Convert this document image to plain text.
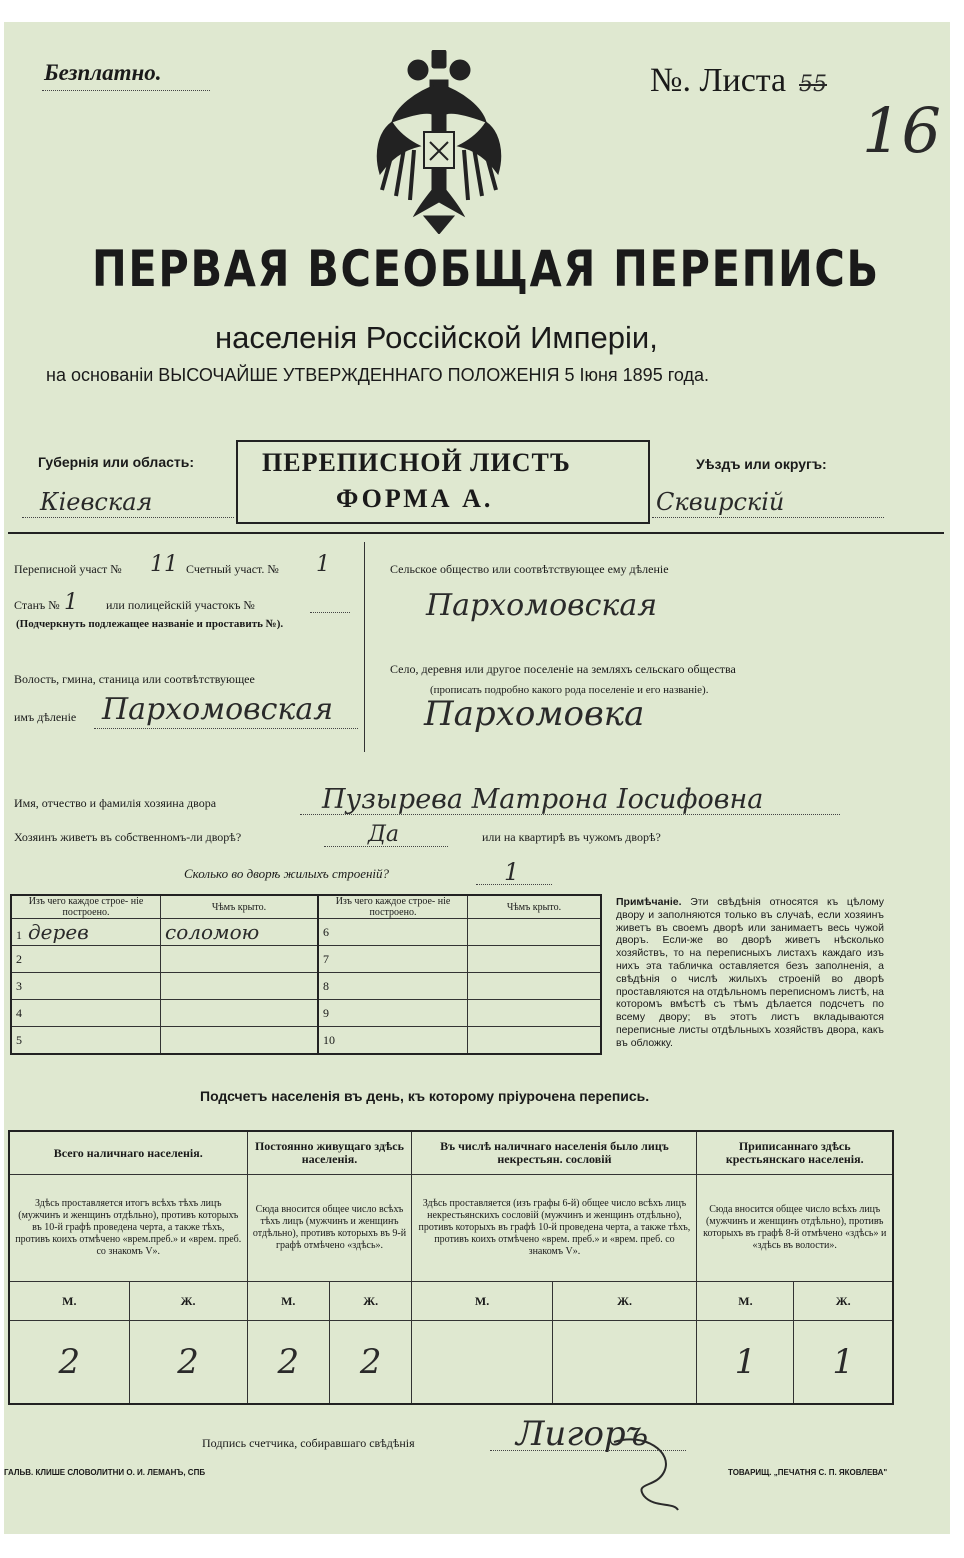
Безплатно.	№. Листа 55
16
ПЕРВАЯ ВСЕОБЩАЯ ПЕРЕПИСЬ
населенія Россійской Имперіи,
на основаніи ВЫСОЧАЙШЕ УТВЕРЖДЕННАГО ПОЛОЖЕНІЯ 5 Іюня 1895 года.
Губернія или область:
Кіевская
ПЕРЕПИСНОЙ ЛИСТЪ
ФОРМА А.
Уѣздъ или округъ:
Сквирскій
Переписной участ № 11 Счетный участ. № 1
Станъ № 1 или полицейскій участокъ №
(Подчеркнуть подлежащее названіе и проставить №).
Волость, гмина, станица или соотвѣтствующее
имъ дѣленіе Пархомовская
Сельское общество или соотвѣтствующее ему дѣленіе
Пархомовская
Село, деревня или другое поселеніе на земляхъ сельскаго общества
(прописать подробно какого рода поселеніе и его названіе).
Пархомовка
Имя, отчество и фамилія хозяина двора	Пузырева Матрона Іосифовна
Хозяинъ живетъ въ собственномъ-ли дворѣ?	Да	или на квартирѣ въ чужомъ дворѣ?
Сколько во дворѣ жилыхъ строеній?	1
Изъ чего каждое строе- ніе построено.	Чѣмъ крыто.	Изъ чего каждое строе- ніе построено.	Чѣмъ крыто.
1 дерев	соломою	6	
2		7	
3		8	
4		9	
5		10	
Примѣчаніе. Эти свѣдѣнія относятся къ цѣлому двору и заполняются только въ случаѣ, если хозяинъ живетъ въ своемъ дворѣ или занимаетъ весь чужой дворъ. Если-же во дворѣ живетъ нѣсколько хозяйствъ, то на переписныхъ листахъ каждаго изъ нихъ эта табличка оставляется безъ заполненія, а свѣдѣнія о числѣ жилыхъ строеній во дворѣ проставляются на отдѣльномъ переписномъ листѣ, на которомъ вмѣстѣ съ тѣмъ дѣлается подсчетъ по всему двору; въ этотъ листъ вкладываются переписные листы отдѣльныхъ хозяйствъ двора, какъ въ обложку.
Подсчетъ населенія въ день, къ которому пріурочена перепись.
Всего наличнаго населенія.		Постоянно живущаго здѣсь населенія.		Въ числѣ наличнаго населенія было лицъ некрестьян. сословій		Приписаннаго здѣсь крестьянскаго населенія.	
Здѣсь проставляется итогъ всѣхъ тѣхъ лицъ (мужчинъ и женщинъ отдѣльно), противъ которыхъ въ 10-й графѣ проведена черта, а также тѣхъ, противъ коихъ отмѣчено «врем.преб.» и «врем. преб. со знакомъ V».		Сюда вносится общее число всѣхъ тѣхъ лицъ (мужчинъ и женщинъ отдѣльно), противъ которыхъ въ 9-й графѣ отмѣчено «здѣсь».		Здѣсь проставляется (изъ графы 6-й) общее число всѣхъ лицъ некрестьянскихъ сословій (мужчинъ и женщинъ отдѣльно), противъ которыхъ въ графѣ 10-й проведена черта, а также тѣхъ, противъ коихъ отмѣчено «врем. преб.» и «врем. преб. со знакомъ V».		Сюда вносится общее число всѣхъ лицъ (мужчинъ и женщинъ отдѣльно), противъ которыхъ въ графѣ 8-й отмѣчено «здѣсь» и «здѣсь въ волости».	
М.	Ж.	М.	Ж.	М.	Ж.	М.	Ж.
2	2	2	2			1	1
Подпись счетчика, собиравшаго свѣдѣнія	Лигоръ
ГАЛЬВ. КЛИШЕ СЛОВОЛИТНИ О. И. ЛЕМАНЪ, СПБ	ТОВАРИЩ. „ПЕЧАТНЯ С. П. ЯКОВЛЕВА"
